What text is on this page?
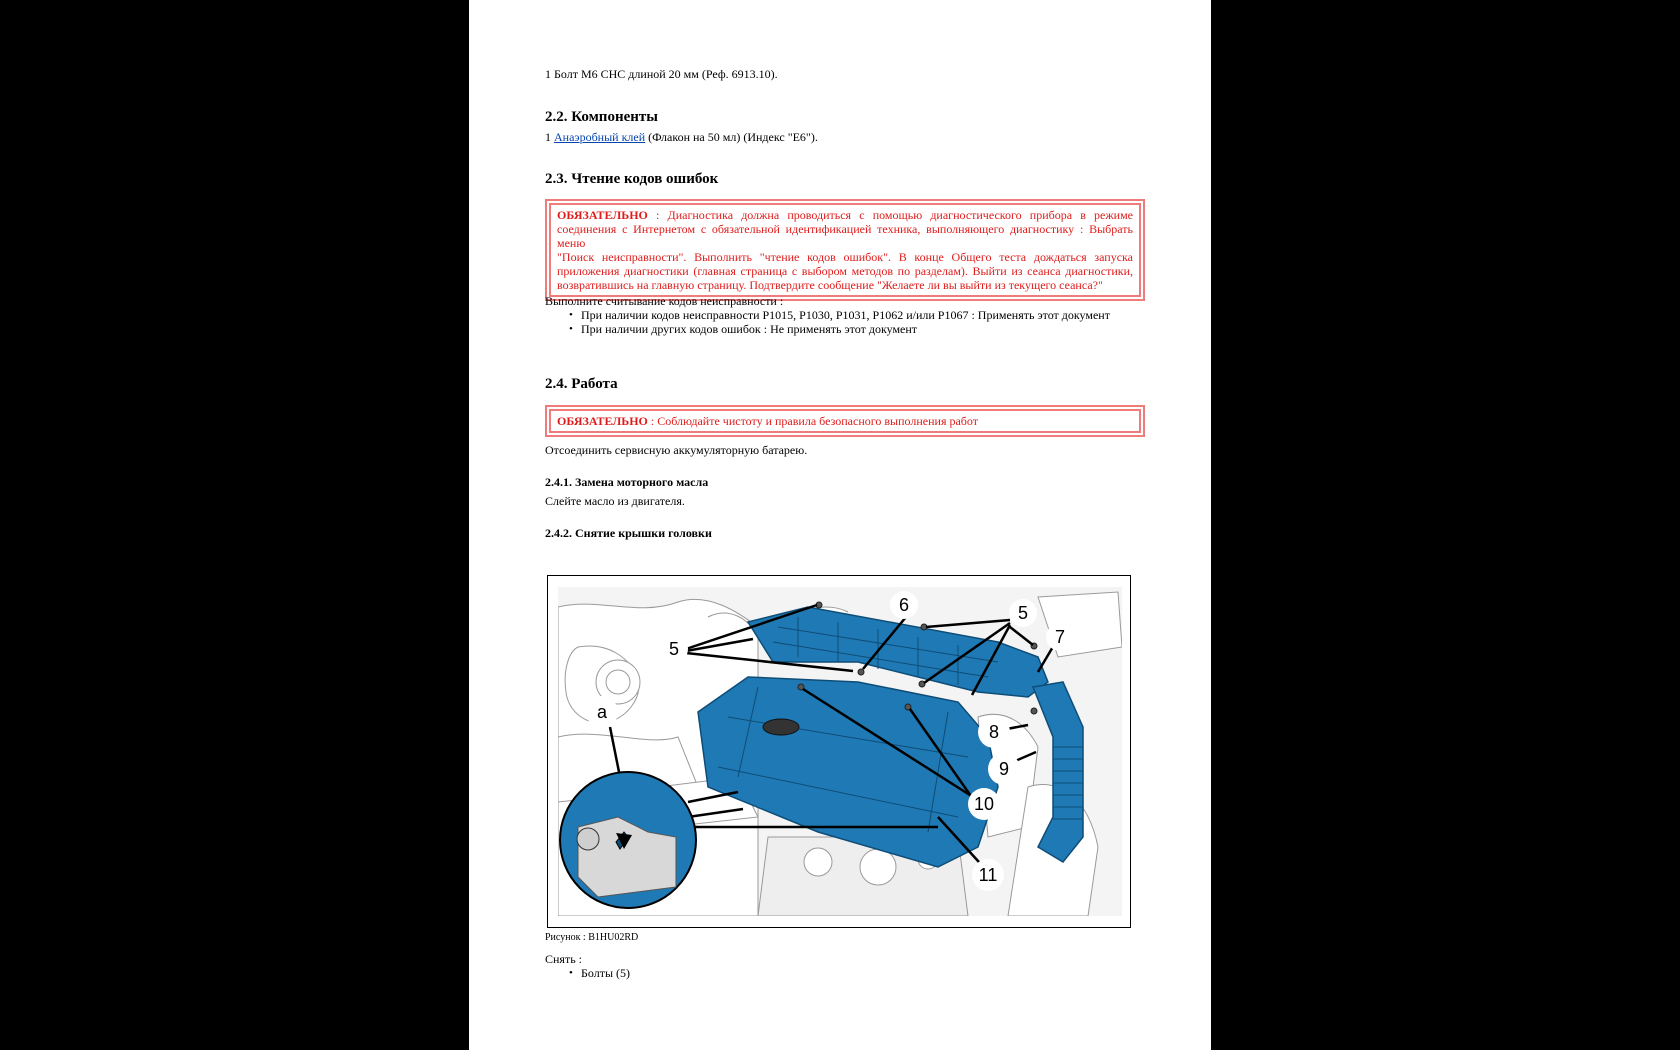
1 Болт M6 CHC длиной 20 мм (Реф. 6913.10).
2.2. Компоненты
1 Анаэробный клей (Флакон на 50 мл) (Индекс "E6").
2.3. Чтение кодов ошибок
ОБЯЗАТЕЛЬНО : Диагностика должна проводиться с помощью диагностического прибора в режиме
соединения с Интернетом с обязательной идентификацией техника, выполняющего диагностику : Выбрать меню
"Поиск неисправности". Выполнить "чтение кодов ошибок". В конце Общего теста дождаться запуска
приложения диагностики (главная страница с выбором методов по разделам). Выйти из сеанса диагностики,
возвратившись на главную страницу. Подтвердите сообщение "Желаете ли вы выйти из текущего сеанса?"
Выполните считывание кодов неисправности :
• При наличии кодов неисправности P1015, P1030, P1031, P1062 и/или P1067 : Применять этот документ
• При наличии других кодов ошибок : Не применять этот документ
2.4. Работа
ОБЯЗАТЕЛЬНО : Соблюдайте чистоту и правила безопасного выполнения работ
Отсоединить сервисную аккумуляторную батарею.
2.4.1. Замена моторного масла
Слейте масло из двигателя.
2.4.2. Снятие крышки головки
6	5
5
7
a
8
9
10
11
Рисунок : B1HU02RD
Снять :
• Болты (5)
